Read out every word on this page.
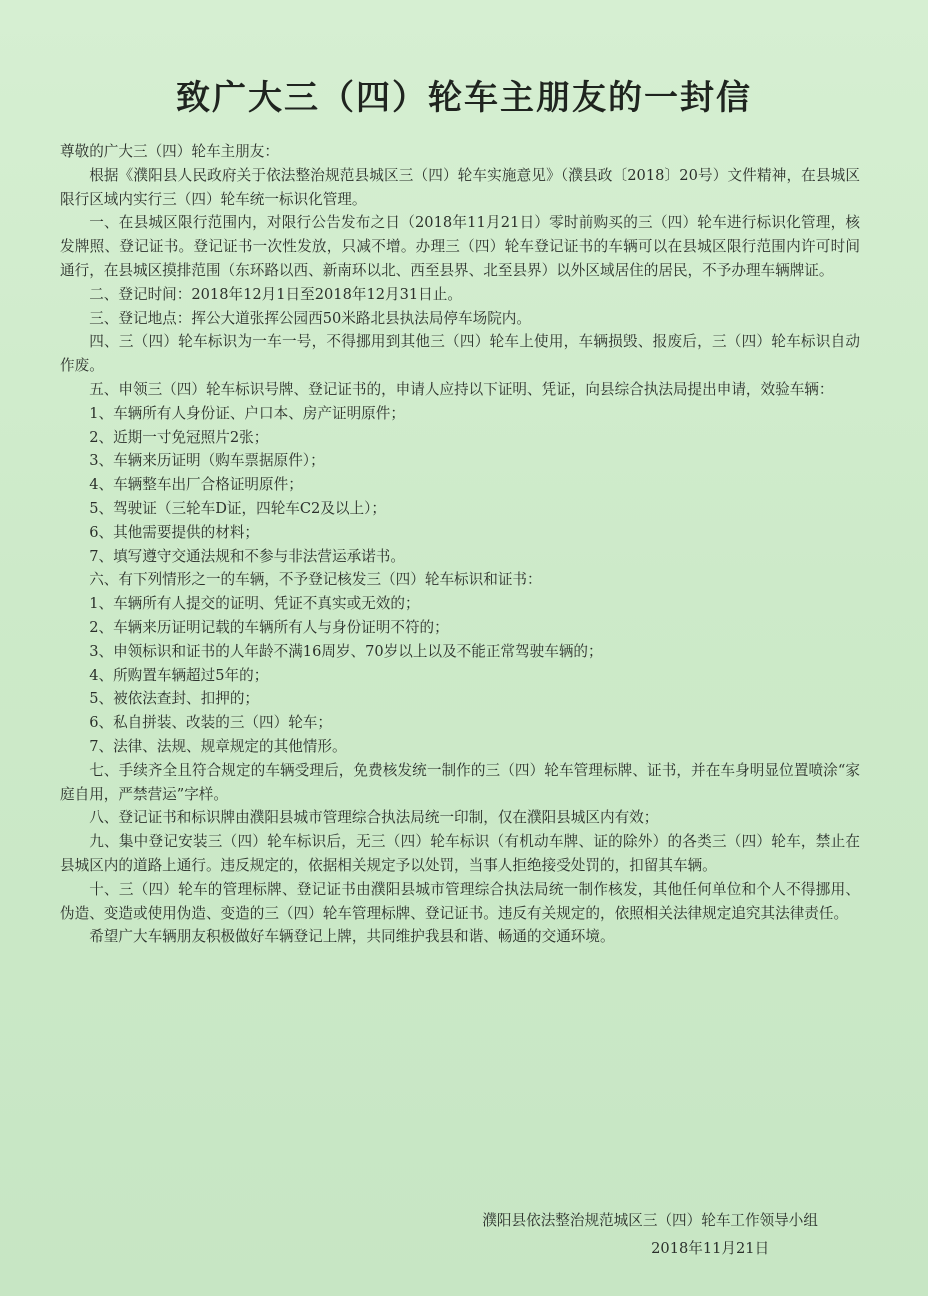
致广大三（四）轮车主朋友的一封信

尊敬的广大三（四）轮车主朋友：

根据《濮阳县人民政府关于依法整治规范县城区三（四）轮车实施意见》（濮县政〔2018〕20号）文件精神，在县城区限行区域内实行三（四）轮车统一标识化管理。

一、在县城区限行范围内，对限行公告发布之日（2018年11月21日）零时前购买的三（四）轮车进行标识化管理，核发牌照、登记证书。登记证书一次性发放，只减不增。办理三（四）轮车登记证书的车辆可以在县城区限行范围内许可时间通行，在县城区摸排范围（东环路以西、新南环以北、西至县界、北至县界）以外区域居住的居民，不予办理车辆牌证。

二、登记时间：2018年12月1日至2018年12月31日止。

三、登记地点：挥公大道张挥公园西50米路北县执法局停车场院内。

四、三（四）轮车标识为一车一号，不得挪用到其他三（四）轮车上使用，车辆损毁、报废后，三（四）轮车标识自动作废。

五、申领三（四）轮车标识号牌、登记证书的，申请人应持以下证明、凭证，向县综合执法局提出申请，效验车辆：

1、车辆所有人身份证、户口本、房产证明原件；

2、近期一寸免冠照片2张；

3、车辆来历证明（购车票据原件）；

4、车辆整车出厂合格证明原件；

5、驾驶证（三轮车D证，四轮车C2及以上）；

6、其他需要提供的材料；

7、填写遵守交通法规和不参与非法营运承诺书。

六、有下列情形之一的车辆，不予登记核发三（四）轮车标识和证书：

1、车辆所有人提交的证明、凭证不真实或无效的；

2、车辆来历证明记载的车辆所有人与身份证明不符的；

3、申领标识和证书的人年龄不满16周岁、70岁以上以及不能正常驾驶车辆的；

4、所购置车辆超过5年的；

5、被依法查封、扣押的；

6、私自拼装、改装的三（四）轮车；

7、法律、法规、规章规定的其他情形。

七、手续齐全且符合规定的车辆受理后，免费核发统一制作的三（四）轮车管理标牌、证书，并在车身明显位置喷涂“家庭自用，严禁营运”字样。

八、登记证书和标识牌由濮阳县城市管理综合执法局统一印制，仅在濮阳县城区内有效；

九、集中登记安装三（四）轮车标识后，无三（四）轮车标识（有机动车牌、证的除外）的各类三（四）轮车，禁止在县城区内的道路上通行。违反规定的，依据相关规定予以处罚，当事人拒绝接受处罚的，扣留其车辆。

十、三（四）轮车的管理标牌、登记证书由濮阳县城市管理综合执法局统一制作核发，其他任何单位和个人不得挪用、伪造、变造或使用伪造、变造的三（四）轮车管理标牌、登记证书。违反有关规定的，依照相关法律规定追究其法律责任。

希望广大车辆朋友积极做好车辆登记上牌，共同维护我县和谐、畅通的交通环境。

濮阳县依法整治规范城区三（四）轮车工作领导小组
2018年11月21日
